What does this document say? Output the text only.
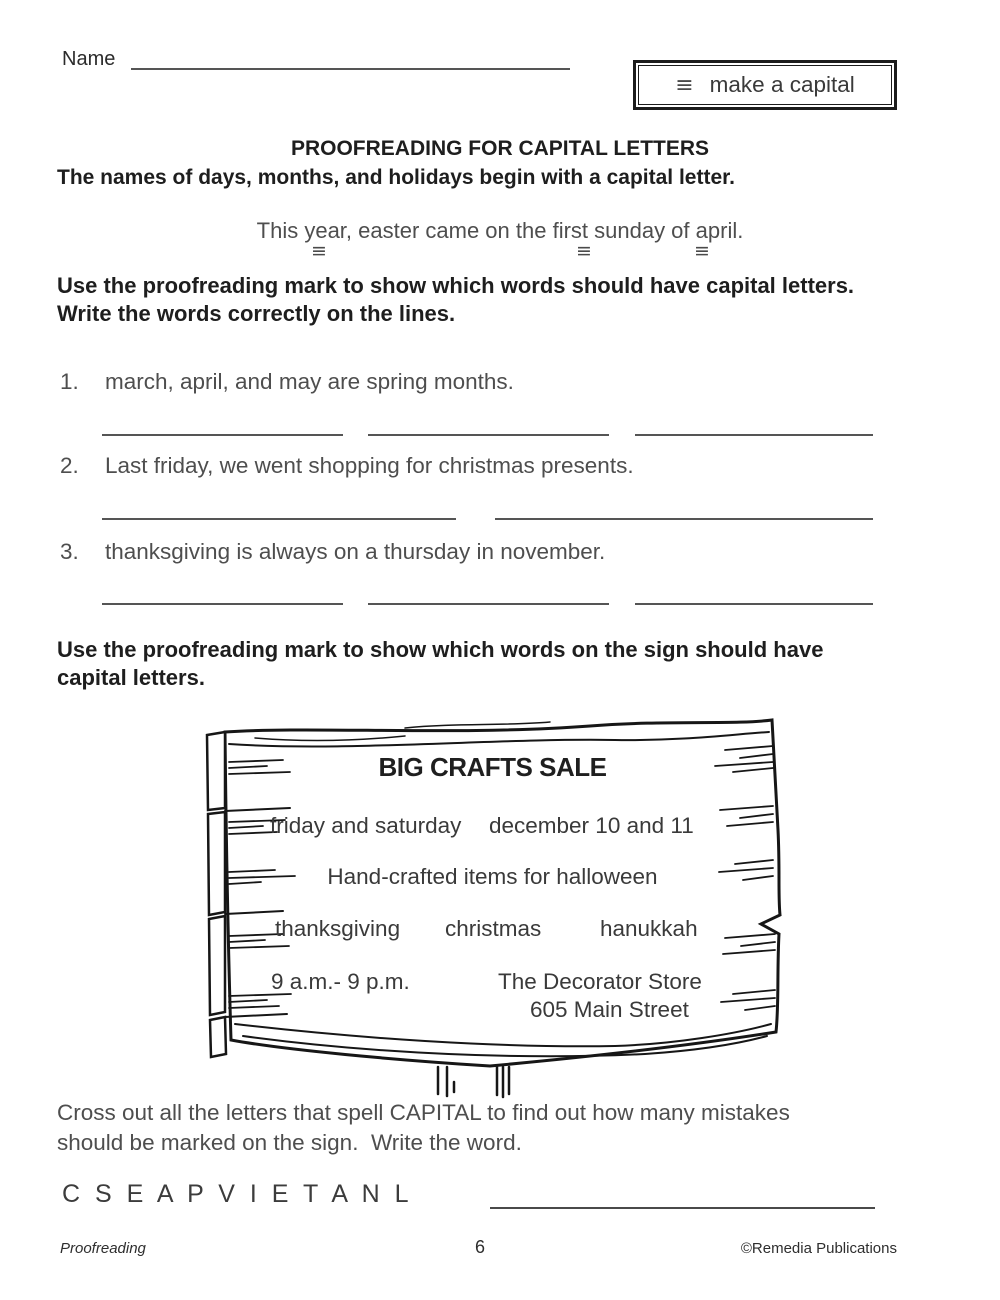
Name
≡ make a capital
PROOFREADING FOR CAPITAL LETTERS
The names of days, months, and holidays begin with a capital letter.
This year, easter came on the first sunday of april.
≡	≡	≡
Use the proofreading mark to show which words should have capital letters.
Write the words correctly on the lines.
1. march, april, and may are spring months.
2. Last friday, we went shopping for christmas presents.
3. thanksgiving is always on a thursday in november.
Use the proofreading mark to show which words on the sign should have
capital letters.
BIG CRAFTS SALE
friday and saturday december 10 and 11
Hand-crafted items for halloween
thanksgiving christmas	hanukkah
9 a.m.- 9 p.m.	The Decorator Store
605 Main Street
Cross out all the letters that spell CAPITAL to find out how many mistakes
should be marked on the sign.  Write the word.
C S E A P V I E T A N L
Proofreading	6	©Remedia Publications
